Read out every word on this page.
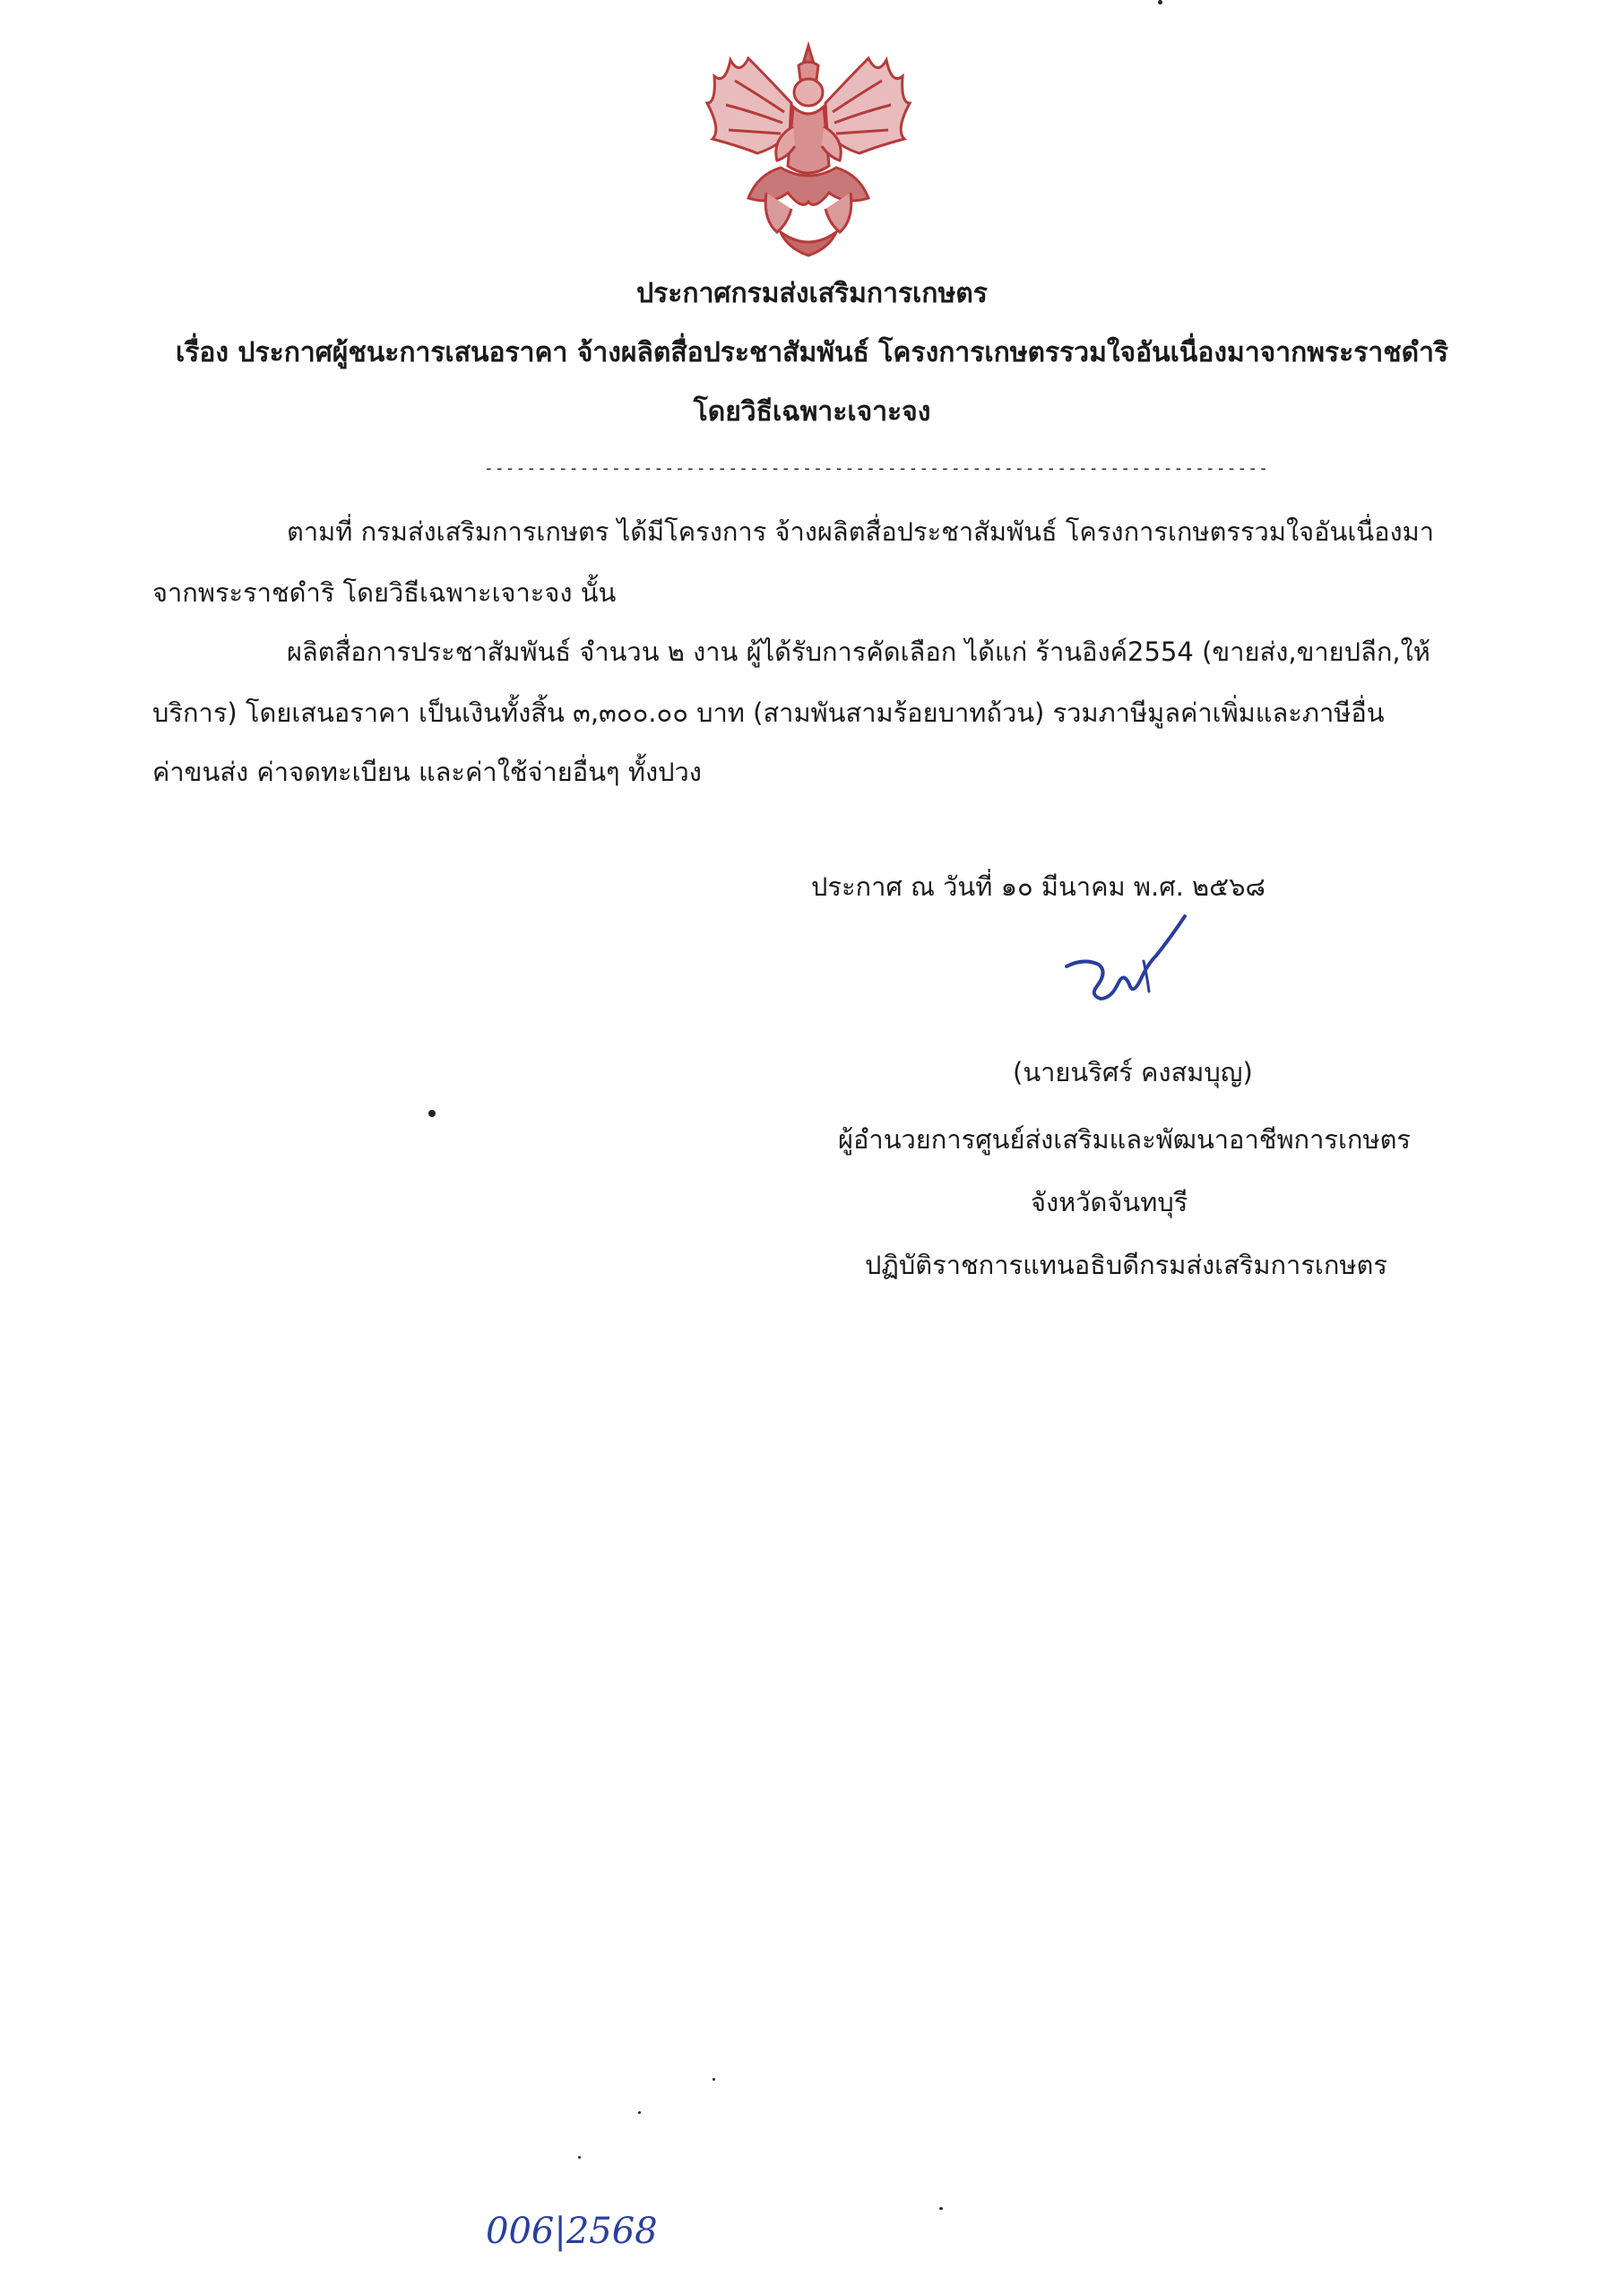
ประกาศกรมส่งเสริมการเกษตร
เรื่อง ประกาศผู้ชนะการเสนอราคา จ้างผลิตสื่อประชาสัมพันธ์ โครงการเกษตรรวมใจอันเนื่องมาจากพระราชดำริ
โดยวิธีเฉพาะเจาะจง
--------------------------------------------------------------------------
ตามที่ กรมส่งเสริมการเกษตร ได้มีโครงการ จ้างผลิตสื่อประชาสัมพันธ์ โครงการเกษตรรวมใจอันเนื่องมา
จากพระราชดำริ โดยวิธีเฉพาะเจาะจง นั้น
ผลิตสื่อการประชาสัมพันธ์ จำนวน ๒ งาน ผู้ได้รับการคัดเลือก ได้แก่ ร้านอิงค์2554 (ขายส่ง,ขายปลีก,ให้
บริการ) โดยเสนอราคา เป็นเงินทั้งสิ้น ๓,๓๐๐.๐๐ บาท (สามพันสามร้อยบาทถ้วน) รวมภาษีมูลค่าเพิ่มและภาษีอื่น
ค่าขนส่ง ค่าจดทะเบียน และค่าใช้จ่ายอื่นๆ ทั้งปวง
ประกาศ ณ วันที่ ๑๐ มีนาคม พ.ศ. ๒๕๖๘
(นายนริศร์ คงสมบุญ)
ผู้อำนวยการศูนย์ส่งเสริมและพัฒนาอาชีพการเกษตร
จังหวัดจันทบุรี
ปฏิบัติราชการแทนอธิบดีกรมส่งเสริมการเกษตร
006|2568
